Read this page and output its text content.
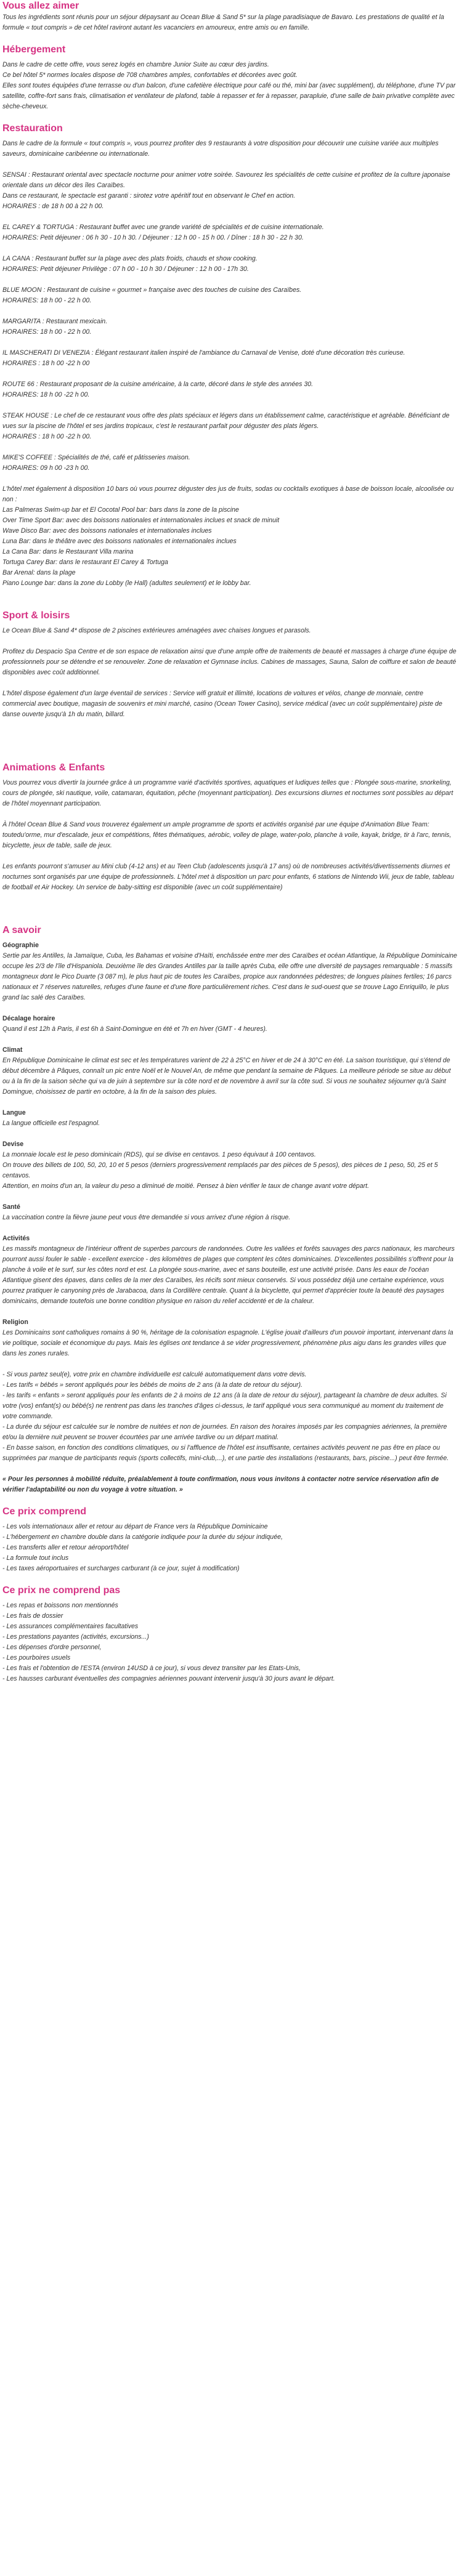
Vous allez aimer

Tous les ingrédients sont réunis pour un séjour dépaysant au Ocean Blue & Sand 5* sur la plage paradisiaque de Bavaro. Les prestations de qualité et la formule « tout compris » de cet hôtel raviront autant les vacanciers en amoureux, entre amis ou en famille.

Hébergement
Dans le cadre de cette offre, vous serez logés en chambre Junior Suite au cœur des jardins.
Ce bel hôtel 5* normes locales dispose de 708 chambres amples, confortables et décorées avec goût.
Elles sont toutes équipées d'une terrasse ou d'un balcon, d'une cafetière électrique pour café ou thé, mini bar (avec supplément), du téléphone, d'une TV par satellite, coffre-fort sans frais, climatisation et ventilateur de plafond, table à repasser et fer à repasser, parapluie, d'une salle de bain privative complète avec sèche-cheveux.
Restauration
Dans le cadre de la formule « tout compris », vous pourrez profiter des 9 restaurants à votre disposition pour découvrir une cuisine variée aux multiples saveurs, dominicaine caribéenne ou internationale.
SENSAI : Restaurant oriental avec spectacle nocturne pour animer votre soirée. Savourez les spécialités de cette cuisine et profitez de la culture japonaise orientale dans un décor des îles Caraïbes.
Dans ce restaurant, le spectacle est garanti : sirotez votre apéritif tout en observant le Chef en action.
HORAIRES : de 18 h 00 à 22 h 00.
EL CAREY & TORTUGA : Restaurant buffet avec une grande variété de spécialités et de cuisine internationale.
HORAIRES: Petit déjeuner : 06 h 30 - 10 h 30. / Déjeuner : 12 h 00 - 15 h 00. / Dîner : 18 h 30 - 22 h 30.
LA CANA : Restaurant buffet sur la plage avec des plats froids, chauds et show cooking.
HORAIRES: Petit déjeuner Privilège : 07 h 00 - 10 h 30 / Déjeuner : 12 h 00 - 17h 30.
BLUE MOON : Restaurant de cuisine « gourmet » française avec des touches de cuisine des Caraïbes.
HORAIRES: 18 h 00 - 22 h 00.
MARGARITA : Restaurant mexicain.
HORAIRES: 18 h 00 - 22 h 00.
IL MASCHERATI DI VENEZIA : Élégant restaurant italien inspiré de l'ambiance du Carnaval de Venise, doté d'une décoration très curieuse.
HORAIRES : 18 h 00 -22 h 00
ROUTE 66 : Restaurant proposant de la cuisine américaine, à la carte, décoré dans le style des années 30.
HORAIRES: 18 h 00 -22 h 00.
STEAK HOUSE : Le chef de ce restaurant vous offre des plats spéciaux et légers dans un établissement calme, caractéristique et agréable. Bénéficiant de vues sur la piscine de l'hôtel et ses jardins tropicaux, c'est le restaurant parfait pour déguster des plats légers.
HORAIRES : 18 h 00 -22 h 00.
MIKE'S COFFEE : Spécialités de thé, café et pâtisseries maison.
HORAIRES: 09 h 00 -23 h 00.
L'hôtel met également à disposition 10 bars où vous pourrez déguster des jus de fruits, sodas ou cocktails exotiques à base de boisson locale, alcoolisée ou non :
Las Palmeras Swim-up bar et El Cocotal Pool bar: bars dans la zone de la piscine
Over Time Sport Bar: avec des boissons nationales et internationales inclues et snack de minuit
Wave Disco Bar: avec des boissons nationales et internationales inclues
Luna Bar: dans le théâtre avec des boissons nationales et internationales inclues
La Cana Bar: dans le Restaurant Villa marina
Tortuga Carey Bar: dans le restaurant El Carey & Tortuga
Bar Arenal: dans la plage
Piano Lounge bar: dans la zone du Lobby (le Hall) (adultes seulement) et le lobby bar.
Sport & loisirs
Le Ocean Blue & Sand 4* dispose de 2 piscines extérieures aménagées avec chaises longues et parasols.
Profitez du Despacio Spa Centre et de son espace de relaxation ainsi que d'une ample offre de traitements de beauté et massages à charge d'une équipe de professionnels pour se détendre et se renouveler. Zone de relaxation et Gymnase inclus. Cabines de massages, Sauna, Salon de coiffure et salon de beauté disponibles avec coût additionnel.
L'hôtel dispose également d'un large éventail de services : Service wifi gratuit et illimité, locations de voitures et vélos, change de monnaie, centre commercial avec boutique, magasin de souvenirs et mini marché, casino (Ocean Tower Casino), service médical (avec un coût supplémentaire) piste de danse ouverte jusqu'à 1h du matin, billard.
Animations & Enfants
Vous pourrez vous divertir la journée grâce à un programme varié d'activités sportives, aquatiques et ludiques telles que : Plongée sous-marine, snorkeling, cours de plongée, ski nautique, voile, catamaran, équitation, pêche (moyennant participation). Des excursions diurnes et nocturnes sont possibles au départ de l'hôtel moyennant participation.
À l'hôtel Ocean Blue & Sand vous trouverez également un ample programme de sports et activités organisé par une équipe d'Animation Blue Team: toutedu'orme, mur d'escalade, jeux et compétitions, fêtes thématiques, aérobic, volley de plage, water-polo, planche à voile, kayak, bridge, tir à l'arc, tennis, bicyclette, jeux de table, salle de jeux.
Les enfants pourront s'amuser au Mini club (4-12 ans) et au Teen Club (adolescents jusqu'à 17 ans) où de nombreuses activités/divertissements diurnes et nocturnes sont organisés par une équipe de professionnels. L'hôtel met à disposition un parc pour enfants, 6 stations de Nintendo Wii, jeux de table, tableau de football et Air Hockey. Un service de baby-sitting est disponible (avec un coût supplémentaire)
A savoir
Géographie
Sertie par les Antilles, la Jamaïque, Cuba, les Bahamas et voisine d'Haïti, enchâssée entre mer des Caraïbes et océan Atlantique, la République Dominicaine occupe les 2/3 de l'île d'Hispaniola. Deuxième île des Grandes Antilles par la taille après Cuba, elle offre une diversité de paysages remarquable : 5 massifs montagneux dont le Pico Duarte (3 087 m), le plus haut pic de toutes les Caraïbes, propice aux randonnées pédestres; de longues plaines fertiles; 16 parcs nationaux et 7 réserves naturelles, refuges d'une faune et d'une flore particulièrement riches. C'est dans le sud-ouest que se trouve Lago Enriquillo, le plus grand lac salé des Caraïbes.
Décalage horaire
Quand il est 12h à Paris, il est 6h à Saint-Domingue en été et 7h en hiver (GMT - 4 heures).
Climat
En République Dominicaine le climat est sec et les températures varient de 22 à 25°C en hiver et de 24 à 30°C en été. La saison touristique, qui s'étend de début décembre à Pâques, connaît un pic entre Noël et le Nouvel An, de même que pendant la semaine de Pâques. La meilleure période se situe au début ou à la fin de la saison sèche qui va de juin à septembre sur la côte nord et de novembre à avril sur la côte sud. Si vous ne souhaitez séjourner qu'à Saint Domingue, choisissez de partir en octobre, à la fin de la saison des pluies.
Langue
La langue officielle est l'espagnol.
Devise
La monnaie locale est le peso dominicain (RDS), qui se divise en centavos. 1 peso équivaut à 100 centavos.
On trouve des billets de 100, 50, 20, 10 et 5 pesos (derniers progressivement remplacés par des pièces de 5 pesos), des pièces de 1 peso, 50, 25 et 5 centavos.
Attention, en moins d'un an, la valeur du peso a diminué de moitié. Pensez à bien vérifier le taux de change avant votre départ.
Santé
La vaccination contre la fièvre jaune peut vous être demandée si vous arrivez d'une région à risque.
Activités
Les massifs montagneux de l'intérieur offrent de superbes parcours de randonnées. Outre les vallées et forêts sauvages des parcs nationaux, les marcheurs pourront aussi fouler le sable - excellent exercice - des kilomètres de plages que comptent les côtes dominicaines. D'excellentes possibilités s'offrent pour la planche à voile et le surf, sur les côtes nord et est. La plongée sous-marine, avec et sans bouteille, est une activité prisée. Dans les eaux de l'océan Atlantique gisent des épaves, dans celles de la mer des Caraïbes, les récifs sont mieux conservés. Si vous possédez déjà une certaine expérience, vous pourrez pratiquer le canyoning près de Jarabacoa, dans la Cordillère centrale. Quant à la bicyclette, qui permet d'apprécier toute la beauté des paysages dominicains, demande toutefois une bonne condition physique en raison du relief accidenté et de la chaleur.
Religion
Les Dominicains sont catholiques romains à 90 %, héritage de la colonisation espagnole. L'église jouait d'ailleurs d'un pouvoir important, intervenant dans la vie politique, sociale et économique du pays. Mais les églises ont tendance à se vider progressivement, phénomène plus aigu dans les grandes villes que dans les zones rurales.
- Si vous partez seul(e), votre prix en chambre individuelle est calculé automatiquement dans votre devis.
- Les tarifs « bébés » seront appliqués pour les bébés de moins de 2 ans (à la date de retour du séjour).
- les tarifs « enfants » seront appliqués pour les enfants de 2 à moins de 12 ans (à la date de retour du séjour), partageant la chambre de deux adultes. Si votre (vos) enfant(s) ou bébé(s) ne rentrent pas dans les tranches d'âges ci-dessus, le tarif appliqué vous sera communiqué au moment du traitement de votre commande.
- La durée du séjour est calculée sur le nombre de nuitées et non de journées. En raison des horaires imposés par les compagnies aériennes, la première et/ou la dernière nuit peuvent se trouver écourtées par une arrivée tardive ou un départ matinal.
- En basse saison, en fonction des conditions climatiques, ou si l'affluence de l'hôtel est insuffisante, certaines activités peuvent ne pas être en place ou supprimées par manque de participants requis (sports collectifs, mini-club,...), et une partie des installations (restaurants, bars, piscine...) peut être fermée.

« Pour les personnes à mobilité réduite, préalablement à toute confirmation, nous vous invitons à contacter notre service réservation afin de vérifier l'adaptabilité ou non du voyage à votre situation. »

Ce prix comprend
- Les vols internationaux aller et retour au départ de France vers la République Dominicaine
- L'hébergement en chambre double dans la catégorie indiquée pour la durée du séjour indiquée,
- Les transferts aller et retour aéroport/hôtel
- La formule tout inclus
- Les taxes aéroportuaires et surcharges carburant (à ce jour, sujet à modification)
Ce prix ne comprend pas
- Les repas et boissons non mentionnés
- Les frais de dossier
- Les assurances complémentaires facultatives
- Les prestations payantes (activités, excursions...)
- Les dépenses d'ordre personnel,
- Les pourboires usuels
- Les frais et l'obtention de l'ESTA (environ 14USD à ce jour), si vous devez transiter par les Etats-Unis,
- Les hausses carburant éventuelles des compagnies aériennes pouvant intervenir jusqu'à 30 jours avant le départ.
